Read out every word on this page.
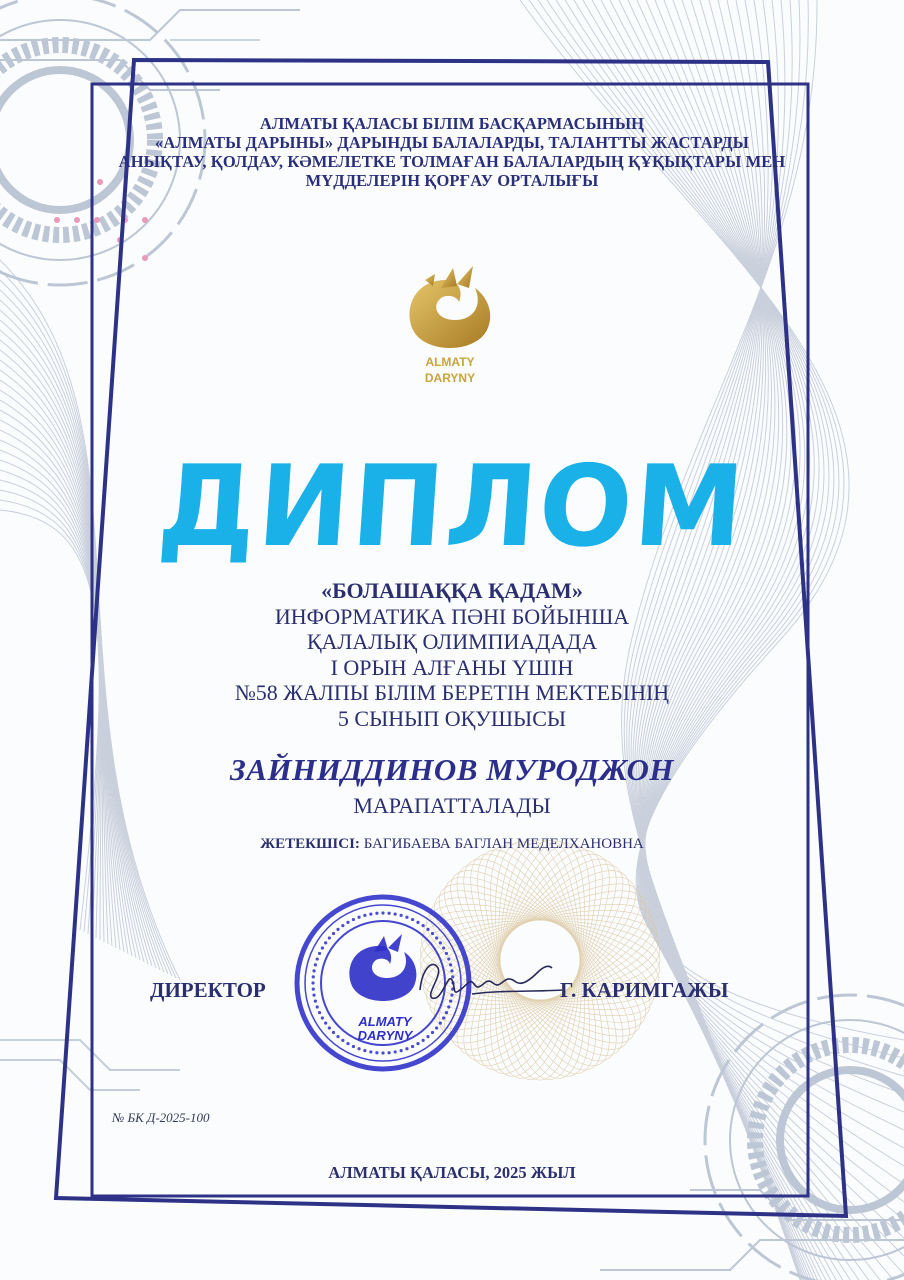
АЛМАТЫ ҚАЛАСЫ БІЛІМ БАСҚАРМАСЫНЫҢ
«АЛМАТЫ ДАРЫНЫ» ДАРЫНДЫ БАЛАЛАРДЫ, ТАЛАНТТЫ ЖАСТАРДЫ
АНЫҚТАУ, ҚОЛДАУ, КӘМЕЛЕТКЕ ТОЛМАҒАН БАЛАЛАРДЫҢ ҚҰҚЫҚТАРЫ МЕН
МҮДДЕЛЕРІН ҚОРҒАУ ОРТАЛЫҒЫ
ALMATY
DARYNY
ДИПЛОМ
«БОЛАШАҚҚА ҚАДАМ»
ИНФОРМАТИКА ПӘНІ БОЙЫНША
ҚАЛАЛЫҚ ОЛИМПИАДАДА
І ОРЫН АЛҒАНЫ ҮШІН
№58 ЖАЛПЫ БІЛІМ БЕРЕТІН МЕКТЕБІНІҢ
5 СЫНЫП ОҚУШЫСЫ
ЗАЙНИДДИНОВ МУРОДЖОН
МАРАПАТТАЛАДЫ
ЖЕТЕКШІСІ: БАГИБАЕВА БАГЛАН МЕДЕЛХАНОВНА
ДИРЕКТОР
ALMATY
DARYNY
Г. КАРИМГАЖЫ
№ БК Д-2025-100
АЛМАТЫ ҚАЛАСЫ, 2025 ЖЫЛ
